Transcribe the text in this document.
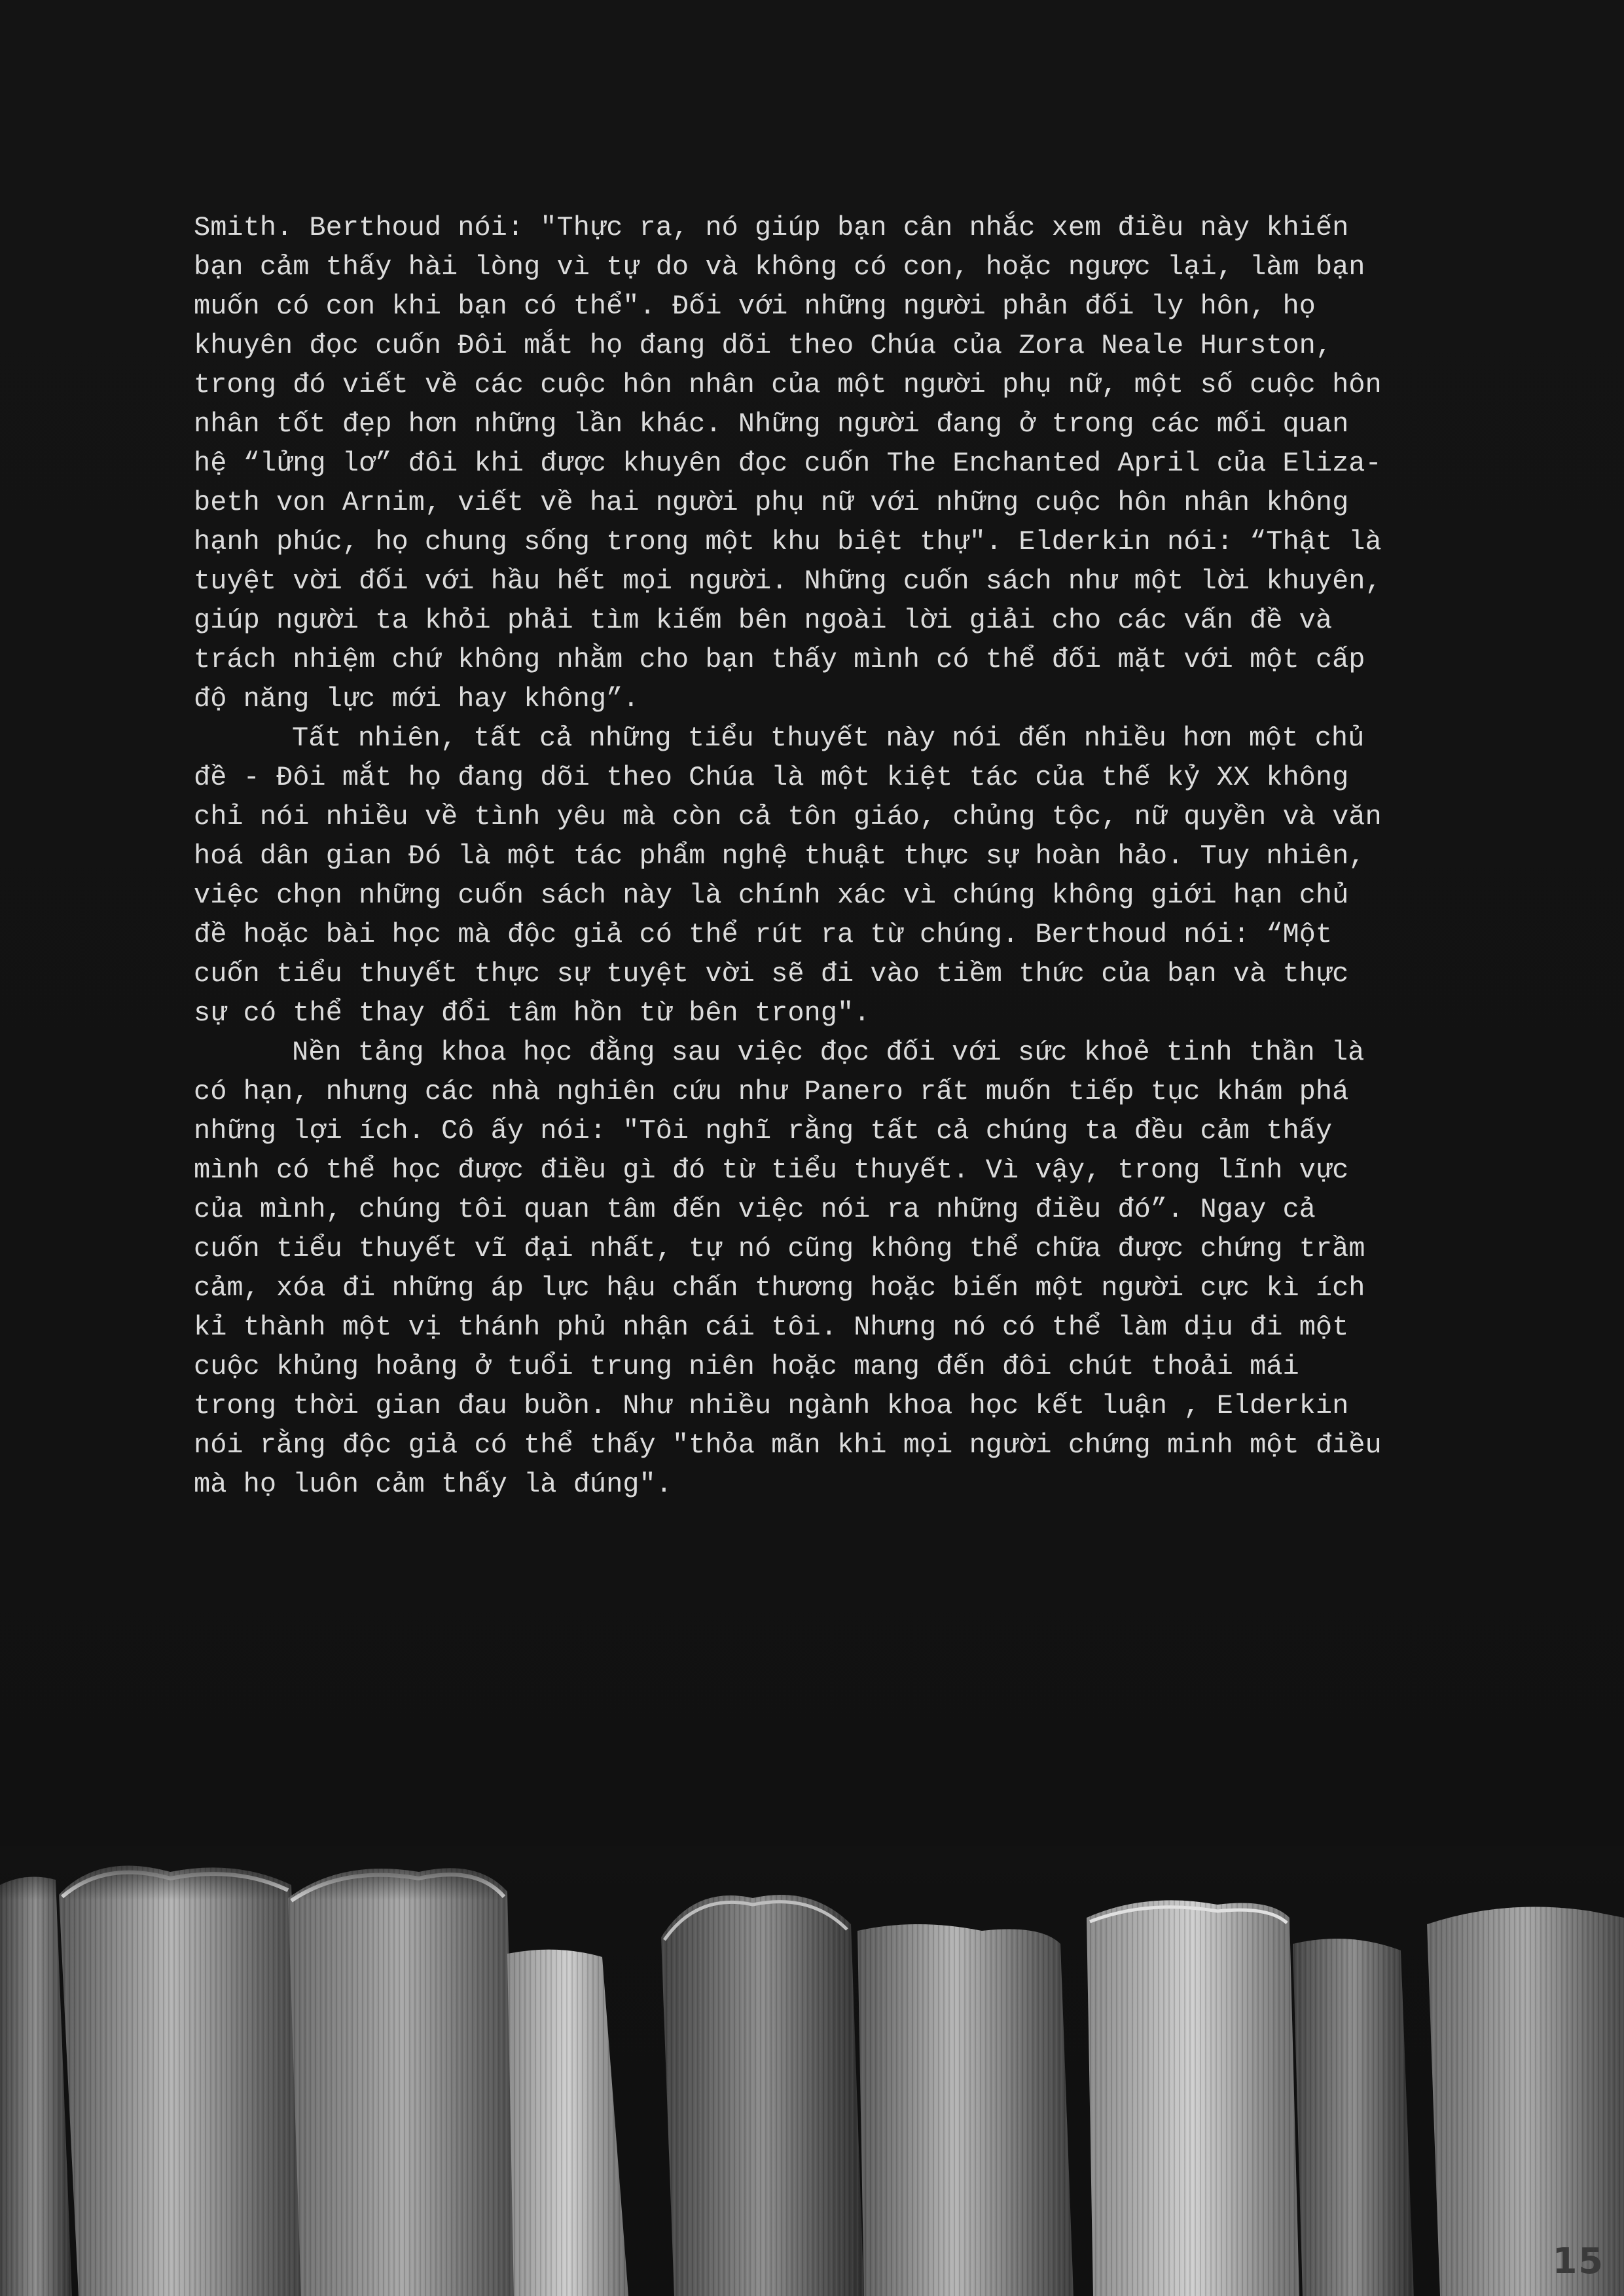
Smith. Berthoud nói: "Thực ra, nó giúp bạn cân nhắc xem điều này khiến
bạn cảm thấy hài lòng vì tự do và không có con, hoặc ngược lại, làm bạn
muốn có con khi bạn có thể". Đối với những người phản đối ly hôn, họ
khuyên đọc cuốn Đôi mắt họ đang dõi theo Chúa của Zora Neale Hurston,
trong đó viết về các cuộc hôn nhân của một người phụ nữ, một số cuộc hôn
nhân tốt đẹp hơn những lần khác. Những người đang ở trong các mối quan
hệ “lửng lơ” đôi khi được khuyên đọc cuốn The Enchanted April của Eliza-
beth von Arnim, viết về hai người phụ nữ với những cuộc hôn nhân không
hạnh phúc, họ chung sống trong một khu biệt thự". Elderkin nói: “Thật là
tuyệt vời đối với hầu hết mọi người. Những cuốn sách như một lời khuyên,
giúp người ta khỏi phải tìm kiếm bên ngoài lời giải cho các vấn đề và
trách nhiệm chứ không nhằm cho bạn thấy mình có thể đối mặt với một cấp
độ năng lực mới hay không”.

Tất nhiên, tất cả những tiểu thuyết này nói đến nhiều hơn một chủ
đề - Đôi mắt họ đang dõi theo Chúa là một kiệt tác của thế kỷ XX không
chỉ nói nhiều về tình yêu mà còn cả tôn giáo, chủng tộc, nữ quyền và văn
hoá dân gian Đó là một tác phẩm nghệ thuật thực sự hoàn hảo. Tuy nhiên,
việc chọn những cuốn sách này là chính xác vì chúng không giới hạn chủ
đề hoặc bài học mà độc giả có thể rút ra từ chúng. Berthoud nói: “Một
cuốn tiểu thuyết thực sự tuyệt vời sẽ đi vào tiềm thức của bạn và thực
sự có thể thay đổi tâm hồn từ bên trong".

Nền tảng khoa học đằng sau việc đọc đối với sức khoẻ tinh thần là
có hạn, nhưng các nhà nghiên cứu như Panero rất muốn tiếp tục khám phá
những lợi ích. Cô ấy nói: "Tôi nghĩ rằng tất cả chúng ta đều cảm thấy
mình có thể học được điều gì đó từ tiểu thuyết. Vì vậy, trong lĩnh vực
của mình, chúng tôi quan tâm đến việc nói ra những điều đó”. Ngay cả
cuốn tiểu thuyết vĩ đại nhất, tự nó cũng không thể chữa được chứng trầm
cảm, xóa đi những áp lực hậu chấn thương hoặc biến một người cực kì ích
kỉ thành một vị thánh phủ nhận cái tôi. Nhưng nó có thể làm dịu đi một
cuộc khủng hoảng ở tuổi trung niên hoặc mang đến đôi chút thoải mái
trong thời gian đau buồn. Như nhiều ngành khoa học kết luận , Elderkin
nói rằng độc giả có thể thấy "thỏa mãn khi mọi người chứng minh một điều
mà họ luôn cảm thấy là đúng".

15
